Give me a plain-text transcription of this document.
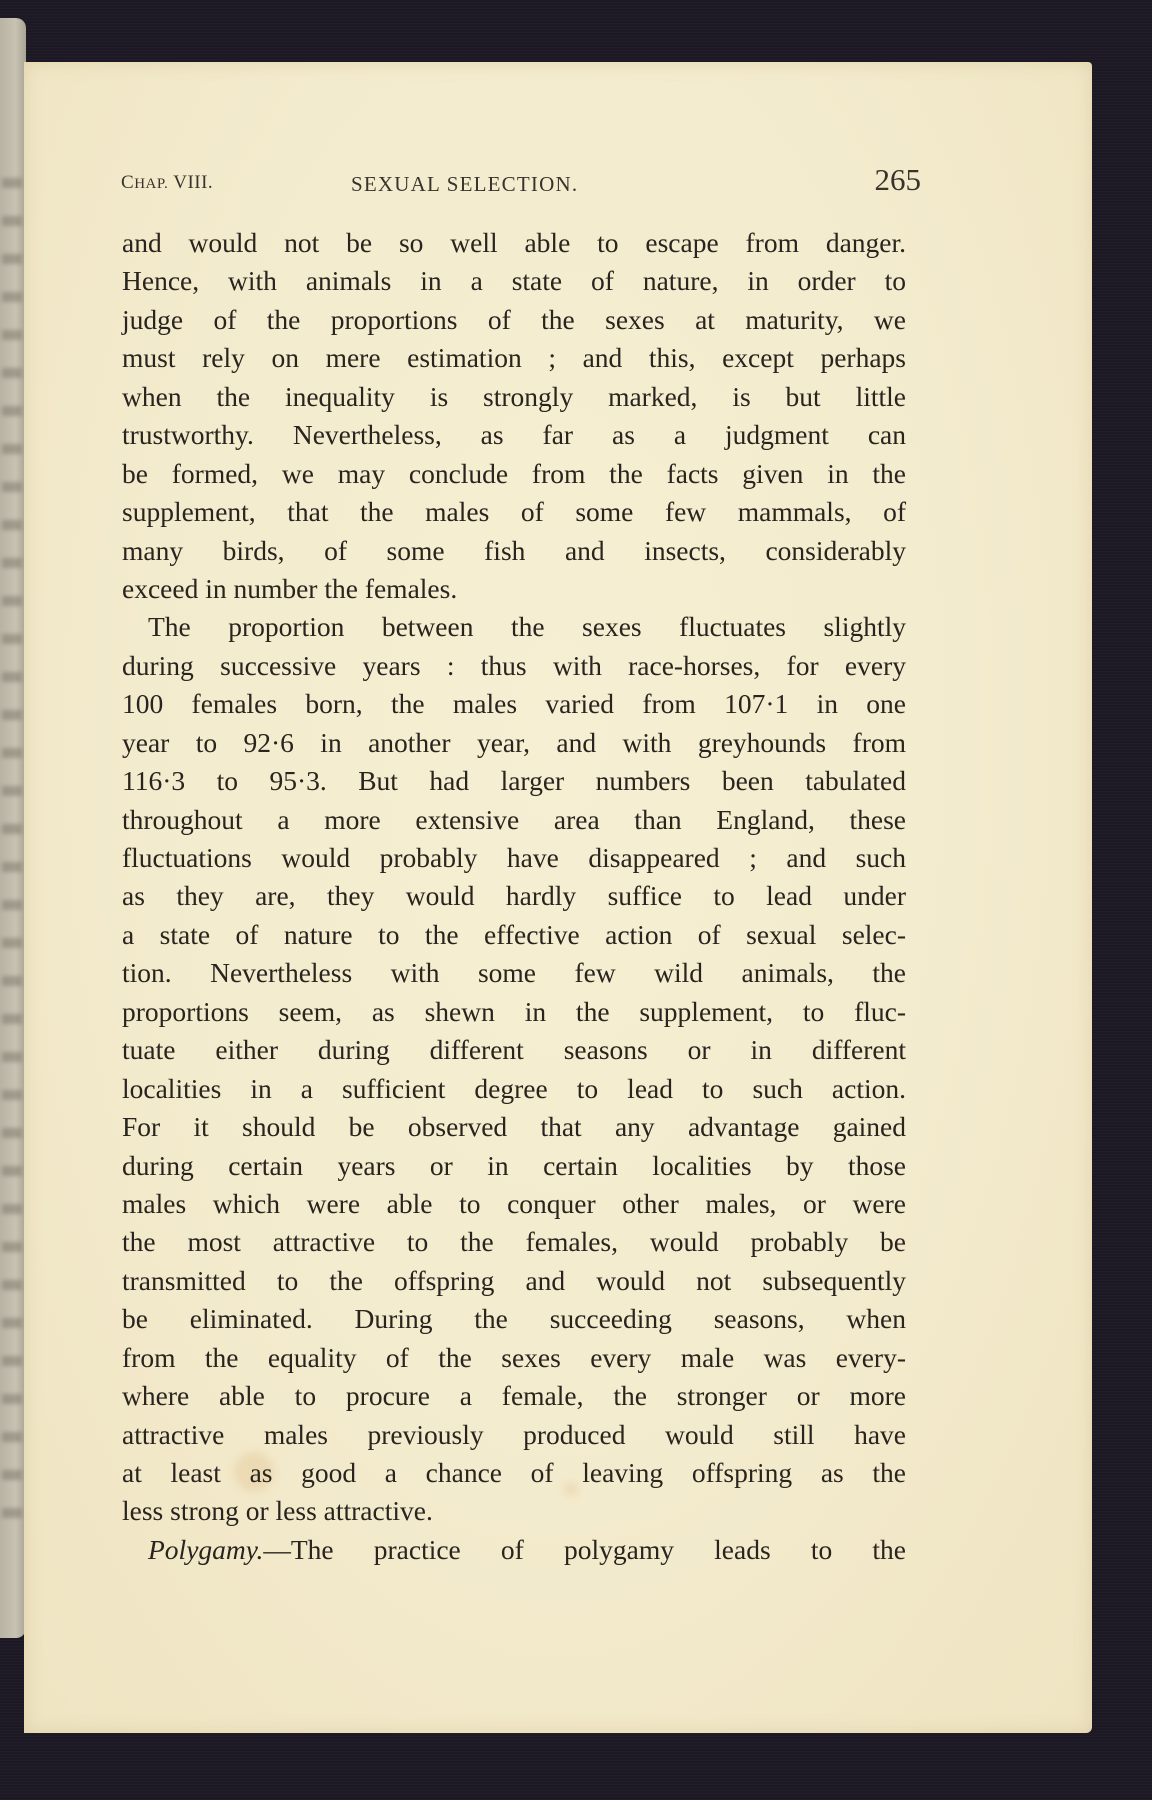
CHAP. VIII.	SEXUAL SELECTION.	265
and would not be so well able to escape from danger.
Hence, with animals in a state of nature, in order to
judge of the proportions of the sexes at maturity, we
must rely on mere estimation ; and this, except perhaps
when the inequality is strongly marked, is but little
trustworthy. Nevertheless, as far as a judgment can
be formed, we may conclude from the facts given in the
supplement, that the males of some few mammals, of
many birds, of some fish and insects, considerably
exceed in number the females.
The proportion between the sexes fluctuates slightly
during successive years : thus with race-horses, for every
100 females born, the males varied from 107·1 in one
year to 92·6 in another year, and with greyhounds from
116·3 to 95·3. But had larger numbers been tabulated
throughout a more extensive area than England, these
fluctuations would probably have disappeared ; and such
as they are, they would hardly suffice to lead under
a state of nature to the effective action of sexual selec-
tion. Nevertheless with some few wild animals, the
proportions seem, as shewn in the supplement, to fluc-
tuate either during different seasons or in different
localities in a sufficient degree to lead to such action.
For it should be observed that any advantage gained
during certain years or in certain localities by those
males which were able to conquer other males, or were
the most attractive to the females, would probably be
transmitted to the offspring and would not subsequently
be eliminated. During the succeeding seasons, when
from the equality of the sexes every male was every-
where able to procure a female, the stronger or more
attractive males previously produced would still have
at least as good a chance of leaving offspring as the
less strong or less attractive.
Polygamy.—The practice of polygamy leads to the
